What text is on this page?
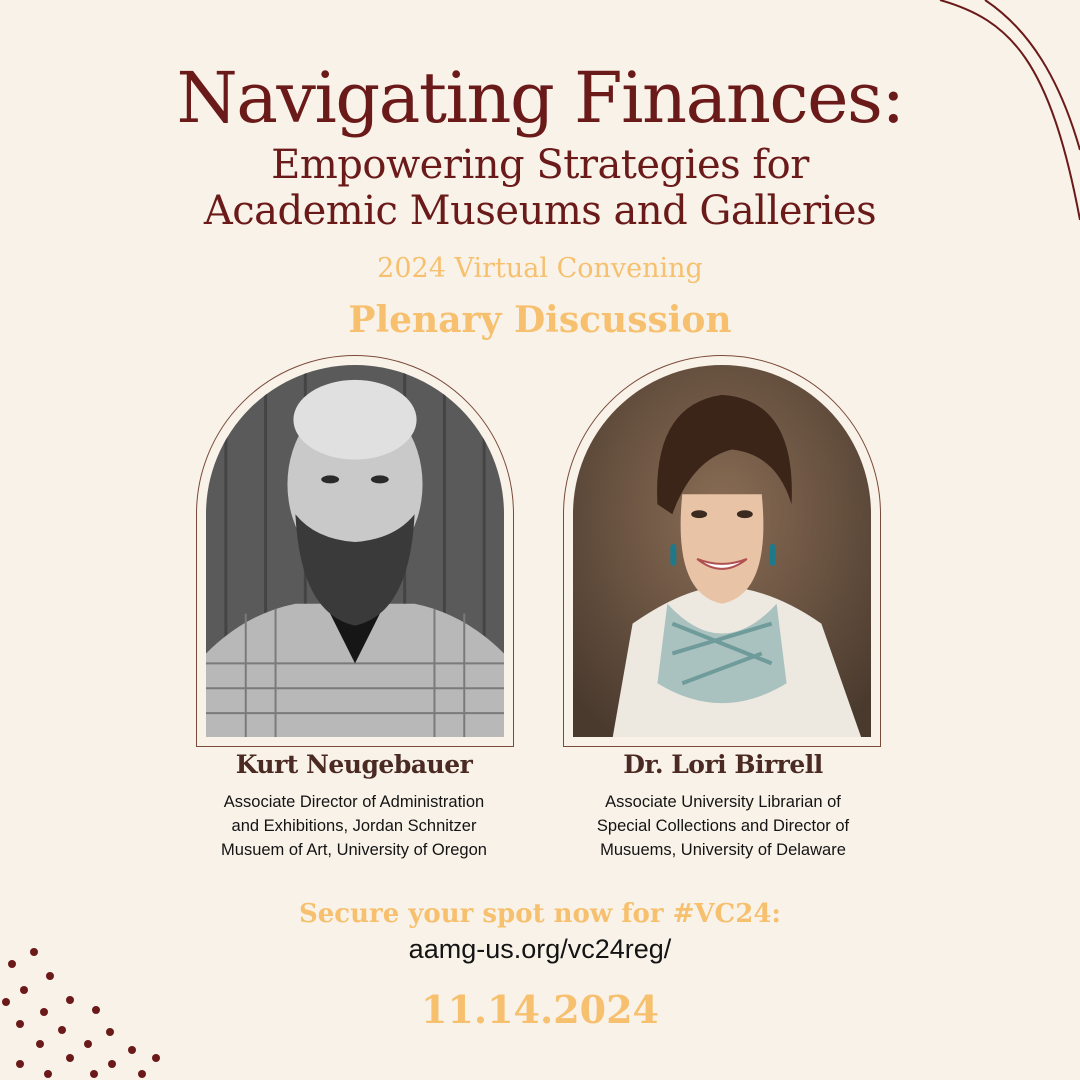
Navigating Finances:
Empowering Strategies for
Academic Museums and Galleries
2024 Virtual Convening
Plenary Discussion
Kurt Neugebauer
Associate Director of Administration
and Exhibitions, Jordan Schnitzer
Musuem of Art, University of Oregon
Dr. Lori Birrell
Associate University Librarian of
Special Collections and Director of
Musuems, University of Delaware
Secure your spot now for #VC24:
aamg-us.org/vc24reg/
11.14.2024
